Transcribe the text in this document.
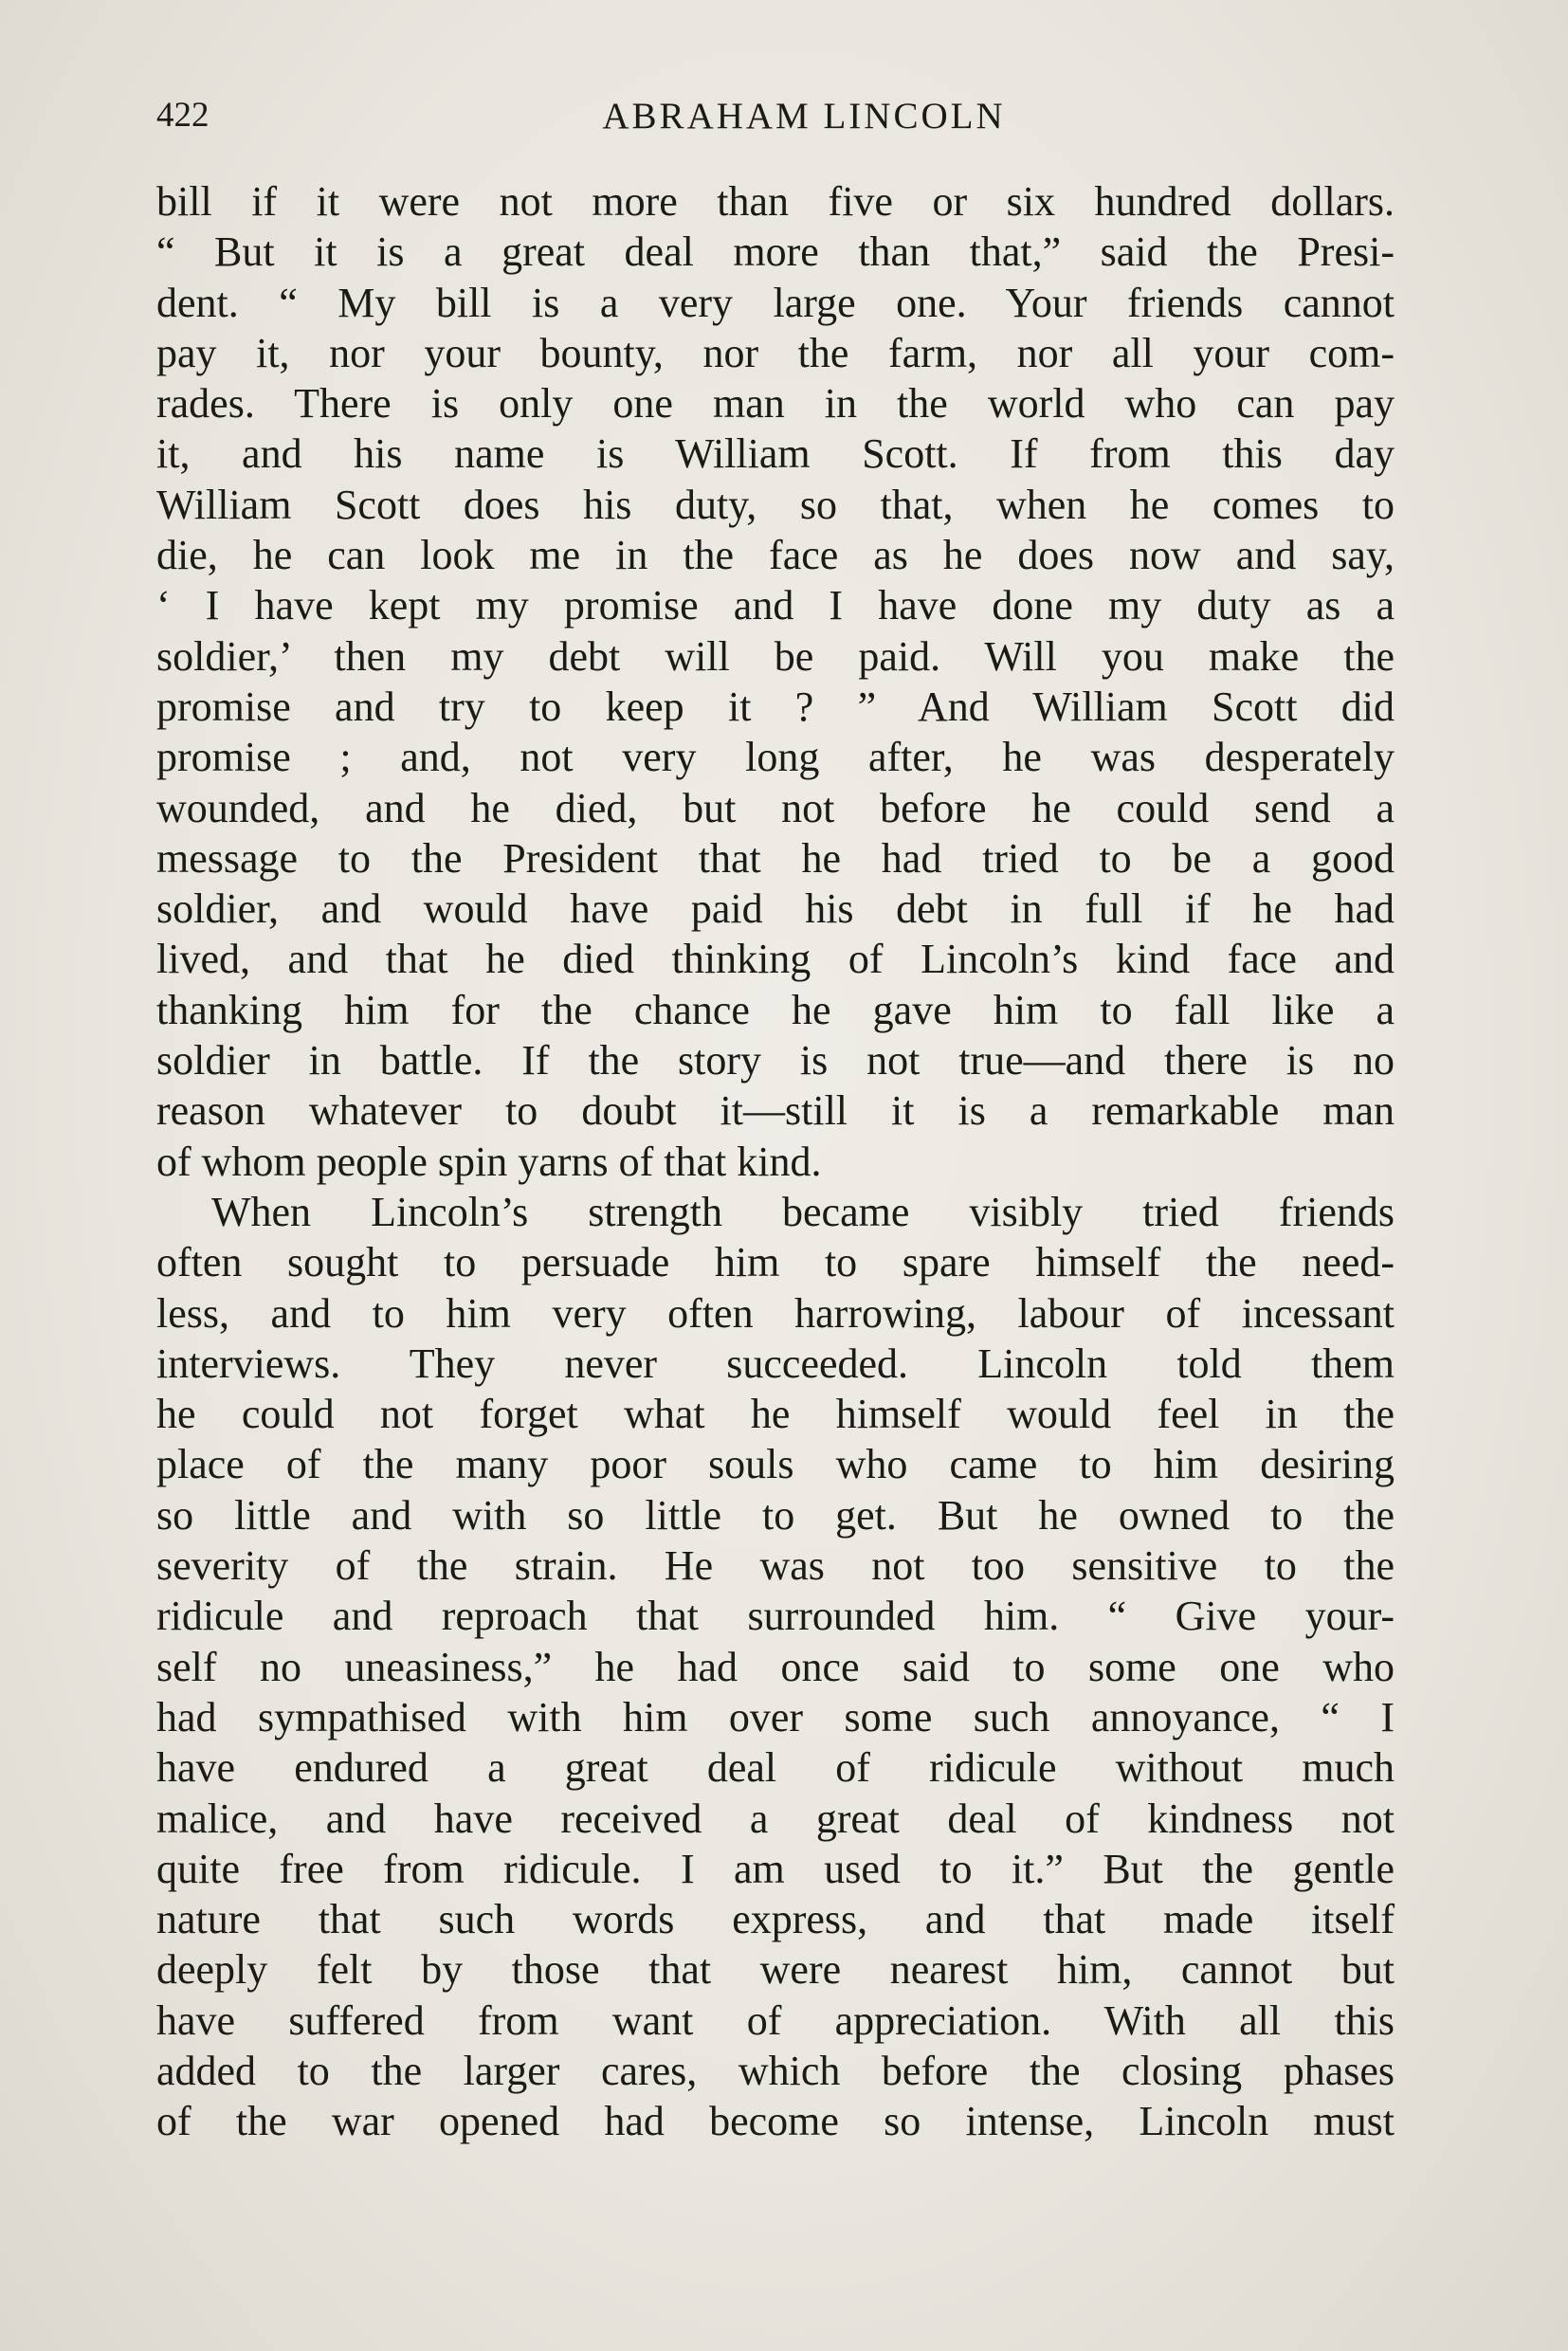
422	ABRAHAM LINCOLN
bill if it were not more than five or six hundred dollars.
“ But it is a great deal more than that,” said the Presi-
dent. “ My bill is a very large one. Your friends cannot
pay it, nor your bounty, nor the farm, nor all your com-
rades. There is only one man in the world who can pay
it, and his name is William Scott. If from this day
William Scott does his duty, so that, when he comes to
die, he can look me in the face as he does now and say,
‘ I have kept my promise and I have done my duty as a
soldier,’ then my debt will be paid. Will you make the
promise and try to keep it ? ” And William Scott did
promise ; and, not very long after, he was desperately
wounded, and he died, but not before he could send a
message to the President that he had tried to be a good
soldier, and would have paid his debt in full if he had
lived, and that he died thinking of Lincoln’s kind face and
thanking him for the chance he gave him to fall like a
soldier in battle. If the story is not true—and there is no
reason whatever to doubt it—still it is a remarkable man
of whom people spin yarns of that kind.
When Lincoln’s strength became visibly tried friends
often sought to persuade him to spare himself the need-
less, and to him very often harrowing, labour of incessant
interviews. They never succeeded. Lincoln told them
he could not forget what he himself would feel in the
place of the many poor souls who came to him desiring
so little and with so little to get. But he owned to the
severity of the strain. He was not too sensitive to the
ridicule and reproach that surrounded him. “ Give your-
self no uneasiness,” he had once said to some one who
had sympathised with him over some such annoyance, “ I
have endured a great deal of ridicule without much
malice, and have received a great deal of kindness not
quite free from ridicule. I am used to it.” But the gentle
nature that such words express, and that made itself
deeply felt by those that were nearest him, cannot but
have suffered from want of appreciation. With all this
added to the larger cares, which before the closing phases
of the war opened had become so intense, Lincoln must
